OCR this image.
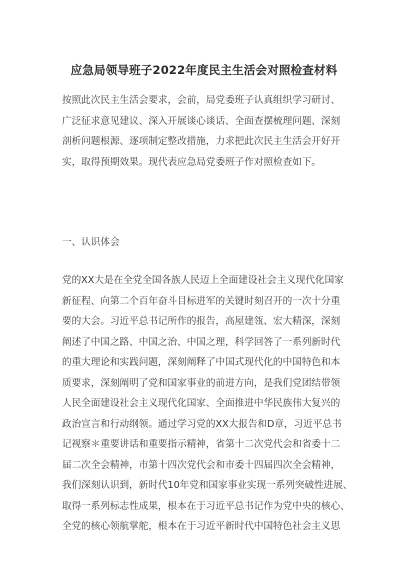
应急局领导班子2022年度民主生活会对照检查材料
按照此次民主生活会要求，会前，局党委班子认真组织学习研讨、
广泛征求意见建议、深入开展谈心谈话、全面查摆梳理问题、深刻
剖析问题根源、逐项制定整改措施，力求把此次民主生活会开好开
实，取得预期效果。现代表应急局党委班子作对照检查如下。
一、认识体会
党的XX大是在全党全国各族人民迈上全面建设社会主义现代化国家
新征程、向第二个百年奋斗目标进军的关键时刻召开的一次十分重
要的大会。习近平总书记所作的报告，高屋建瓴、宏大精深，深刻
阐述了中国之路、中国之治、中国之理，科学回答了一系列新时代
的重大理论和实践问题，深刻阐释了中国式现代化的中国特色和本
质要求，深刻阐明了党和国家事业的前进方向，是我们党团结带领
人民全面建设社会主义现代化国家、全面推进中华民族伟大复兴的
政治宣言和行动纲领。通过学习党的XX大报告和D章，习近平总书
记视察＊重要讲话和重要指示精神，省第十二次党代会和省委十二
届二次全会精神，市第十四次党代会和市委十四届四次全会精神，
我们深刻认识到，新时代10年党和国家事业实现一系列突破性进展、
取得一系列标志性成果，根本在于习近平总书记作为党中央的核心、
全党的核心领航掌舵，根本在于习近平新时代中国特色社会主义思
